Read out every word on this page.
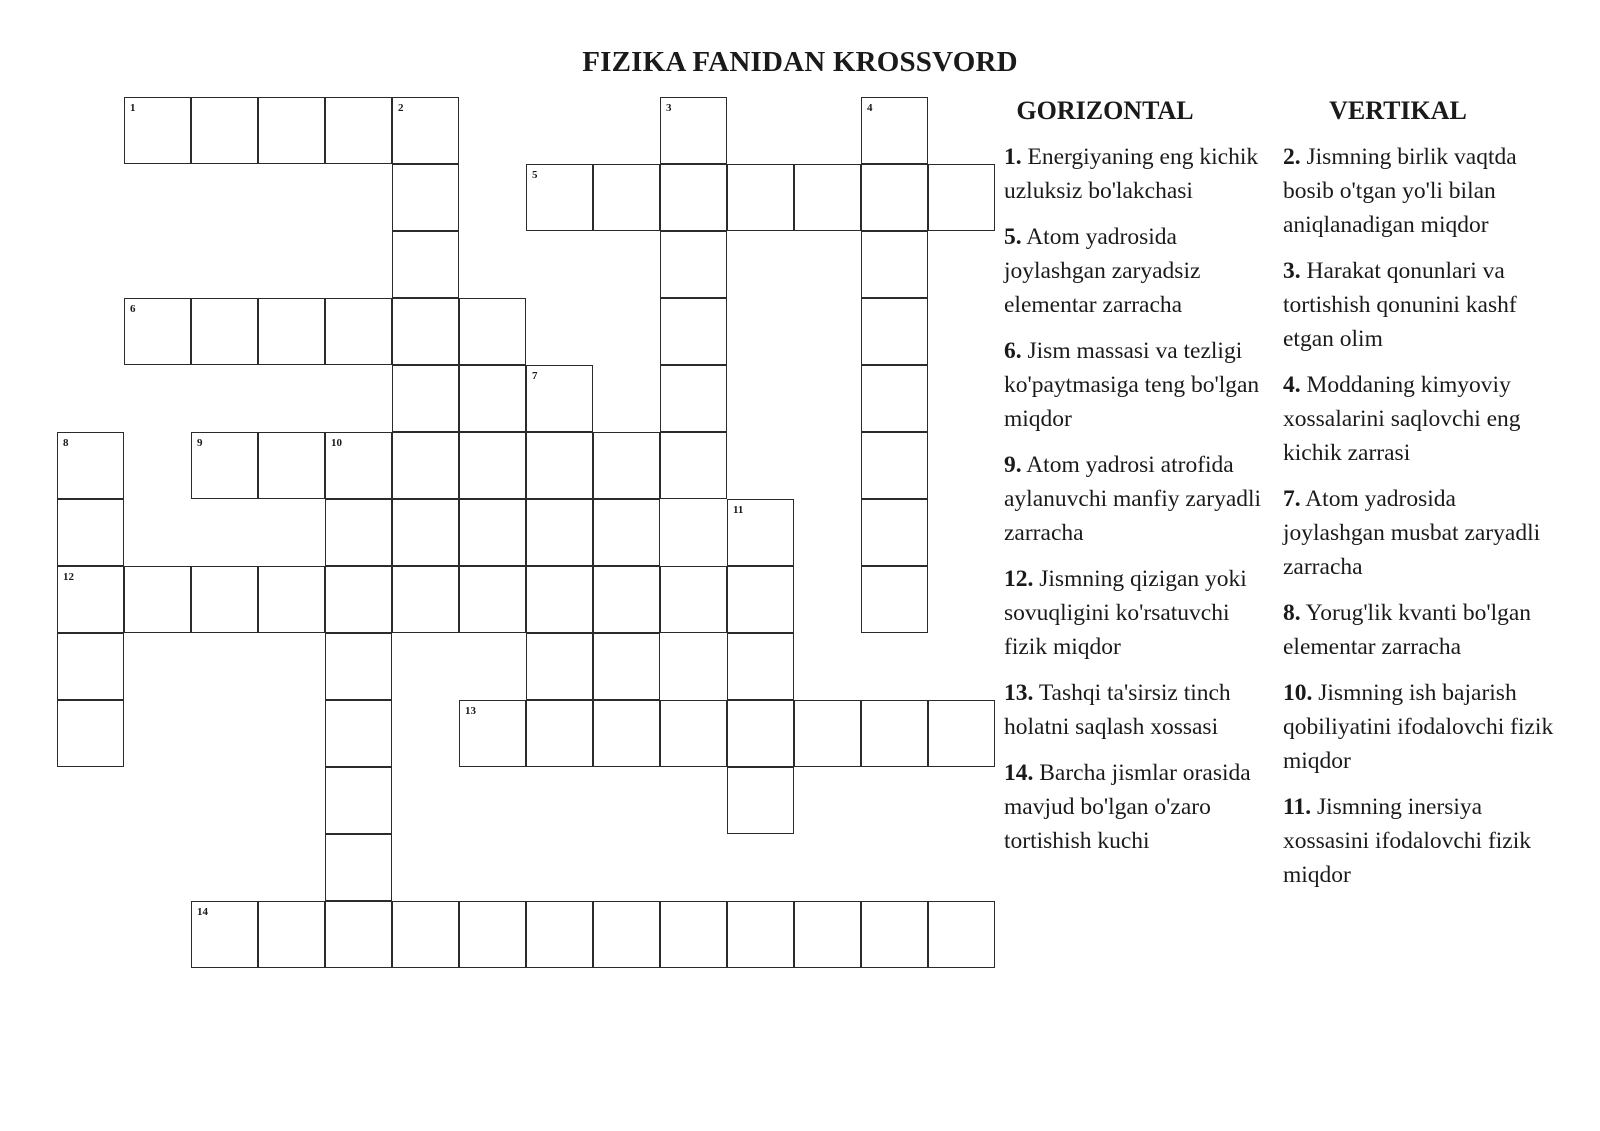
FIZIKA FANIDAN KROSSVORD
1	2
5
6
9	10
12
13
14
3	4
7
8
11
GORIZONTAL	VERTIKAL

1. Energiyaning eng kichik uzluksiz bo'lakchasi

5. Atom yadrosida joylashgan zaryadsiz elementar zarracha

6. Jism massasi va tezligi ko'paytmasiga teng bo'lgan miqdor

9. Atom yadrosi atrofida aylanuvchi manfiy zaryadli zarracha

12. Jismning qizigan yoki sovuqligini ko'rsatuvchi fizik miqdor

13. Tashqi ta'sirsiz tinch holatni saqlash xossasi

14. Barcha jismlar orasida mavjud bo'lgan o'zaro tortishish kuchi

2. Jismning birlik vaqtda bosib o'tgan yo'li bilan aniqlanadigan miqdor

3. Harakat qonunlari va tortishish qonunini kashf etgan olim

4. Moddaning kimyoviy xossalarini saqlovchi eng kichik zarrasi

7. Atom yadrosida joylashgan musbat zaryadli zarracha

8. Yorug'lik kvanti bo'lgan elementar zarracha

10. Jismning ish bajarish qobiliyatini ifodalovchi fizik miqdor

11. Jismning inersiya xossasini ifodalovchi fizik miqdor
